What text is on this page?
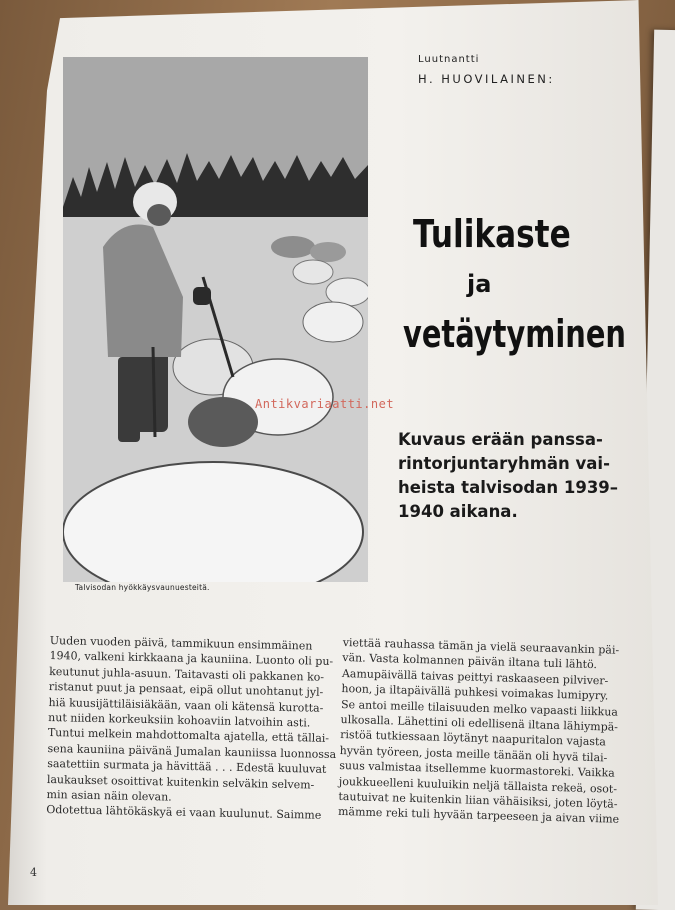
Talvisodan hyökkäysvaunuesteitä.
Luutnantti
H. HUOVILAINEN:
Tulikaste
ja
vetäytyminen
Antikvariaatti.net
Kuvaus erään panssa-
rintorjuntaryhmän vai-
heista talvisodan 1939–
1940 aikana.
Uuden vuoden päivä, tammikuun ensimmäinen
1940, valkeni kirkkaana ja kauniina. Luonto oli pu-
keutunut juhla-asuun. Taitavasti oli pakkanen ko-
ristanut puut ja pensaat, eipä ollut unohtanut jyl-
hiä kuusijättiläisiäkään, vaan oli kätensä kurotta-
nut niiden korkeuksiin kohoaviin latvoihin asti.
Tuntui melkein mahdottomalta ajatella, että tällai-
sena kauniina päivänä Jumalan kauniissa luonnossa
saatettiin surmata ja hävittää . . . Edestä kuuluvat
laukaukset osoittivat kuitenkin selväkin selvem-
min asian näin olevan.
Odotettua lähtökäskyä ei vaan kuulunut. Saimme
viettää rauhassa tämän ja vielä seuraavankin päi-
vän. Vasta kolmannen päivän iltana tuli lähtö.
Aamupäivällä taivas peittyi raskaaseen pilviver-
hoon, ja iltapäivällä puhkesi voimakas lumipyry.
Se antoi meille tilaisuuden melko vapaasti liikkua
ulkosalla. Lähettini oli edellisenä iltana lähiympä-
ristöä tutkiessaan löytänyt naapuritalon vajasta
hyvän työreen, josta meille tänään oli hyvä tilai-
suus valmistaa itsellemme kuormastoreki. Vaikka
joukkueelleni kuuluikin neljä tällaista rekeä, osot-
tautuivat ne kuitenkin liian vähäisiksi, joten löytä-
mämme reki tuli hyvään tarpeeseen ja aivan viime
4
